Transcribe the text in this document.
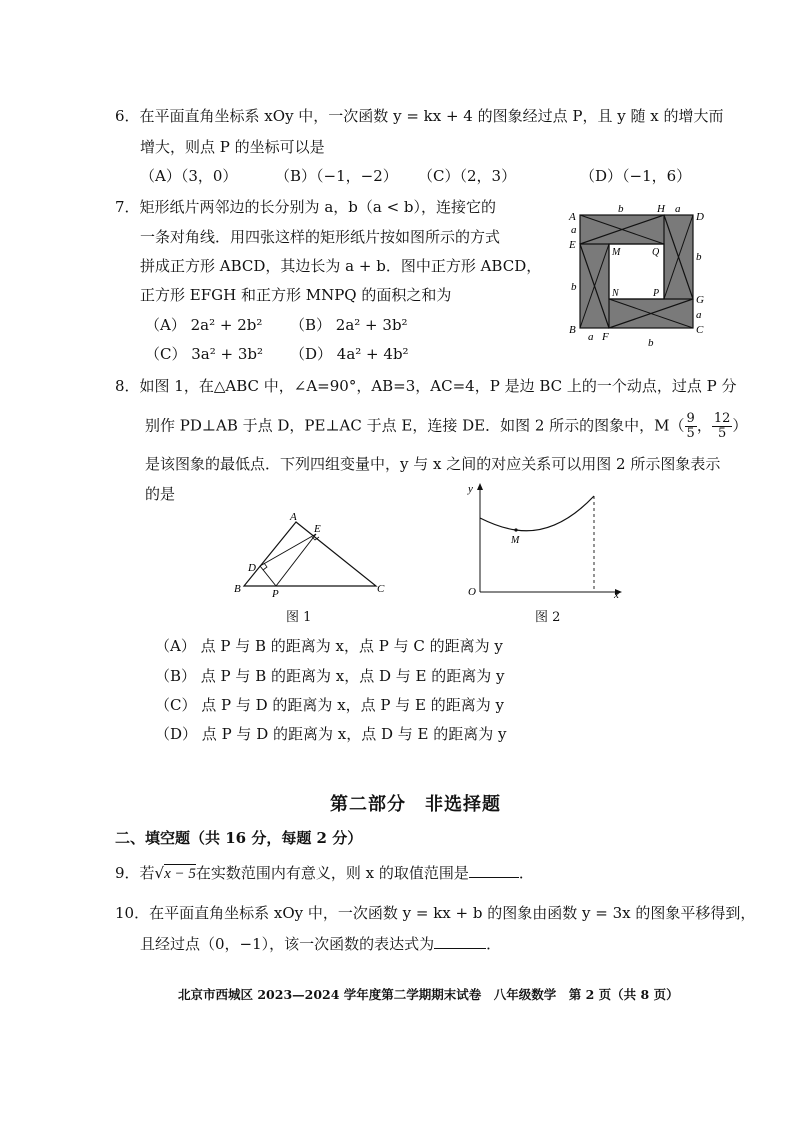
6．在平面直角坐标系 xOy 中，一次函数 y = kx + 4 的图象经过点 P，且 y 随 x 的增大而
增大，则点 P 的坐标可以是
（A）（3，0）	（B）（−1，−2） （C）（2，3）	（D）（−1，6）
7．矩形纸片两邻边的长分别为 a，b（a < b），连接它的
一条对角线．用四张这样的矩形纸片按如图所示的方式
拼成正方形 ABCD，其边长为 a + b．图中正方形 ABCD，
正方形 EFGH 和正方形 MNPQ 的面积之和为
（A） 2a² + 2b² （B） 2a² + 3b²
（C） 3a² + 3b² （D） 4a² + 4b²
A	D
B	C
E
H
G
F
M	Q
N	P
b	a
a
b
b
a
a	b
8．如图 1，在△ABC 中，∠A=90°，AB=3，AC=4，P 是边 BC 上的一个动点，过点 P 分
别作 PD⊥AB 于点 D，PE⊥AC 于点 E，连接 DE．如图 2 所示的图象中，$M( \frac{9}{5}$ ， $\frac{12}{5}$ ）
是该图象的最低点．下列四组变量中，y 与 x 之间的对应关系可以用图 2 所示图象表示
的是
A
B	C
D
E
P
图 1
y
x
O
M
图 2
（A） 点 P 与 B 的距离为 x，点 P 与 C 的距离为 y
（B） 点 P 与 B 的距离为 x，点 D 与 E 的距离为 y
（C） 点 P 与 D 的距离为 x，点 P 与 E 的距离为 y
（D） 点 P 与 D 的距离为 x，点 D 与 E 的距离为 y
第二部分　非选择题
二、填空题（共 16 分，每题 2 分）
9．若√x − 5在实数范围内有意义，则 x 的取值范围是	．
10．在平面直角坐标系 xOy 中，一次函数 y = kx + b 的图象由函数 y = 3x 的图象平移得到，
且经过点（0，−1），该一次函数的表达式为	．
北京市西城区 2023—2024 学年度第二学期期末试卷　八年级数学　第 2 页（共 8 页）
